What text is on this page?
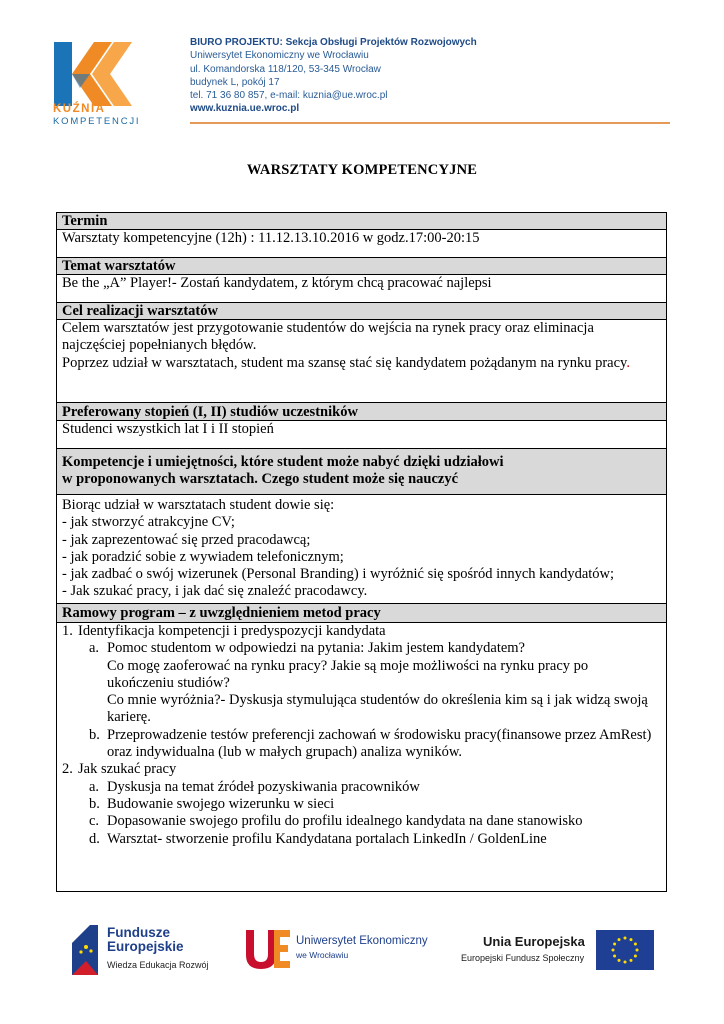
KUŹNIA
KOMPETENCJI
BIURO PROJEKTU: Sekcja Obsługi Projektów Rozwojowych
Uniwersytet Ekonomiczny we Wrocławiu
ul. Komandorska 118/120, 53-345 Wrocław
budynek L, pokój 17
tel. 71 36 80 857, e-mail: kuznia@ue.wroc.pl
www.kuznia.ue.wroc.pl
WARSZTATY KOMPETENCYJNE
Termin
Warsztaty kompetencyjne (12h) : 11.12.13.10.2016 w godz.17:00-20:15
Temat warsztatów
Be the „A” Player!- Zostań kandydatem, z którym chcą pracować najlepsi
Cel realizacji warsztatów
Celem warsztatów jest przygotowanie studentów do wejścia na rynek pracy oraz eliminacja
najczęściej popełnianych błędów.
Poprzez udział w warsztatach, student ma szansę stać się kandydatem pożądanym na rynku pracy.
Preferowany stopień (I, II) studiów uczestników
Studenci wszystkich lat I i II stopień
Kompetencje i umiejętności, które student może nabyć dzięki udziałowi
w proponowanych warsztatach. Czego student może się nauczyć
Biorąc udział w warsztatach student dowie się:
- jak stworzyć atrakcyjne CV;
- jak zaprezentować się przed pracodawcą;
- jak poradzić sobie z wywiadem telefonicznym;
- jak zadbać o swój wizerunek (Personal Branding) i wyróżnić się spośród innych kandydatów;
- Jak szukać pracy, i jak dać się znaleźć pracodawcy.
Ramowy program – z uwzględnieniem metod pracy
1. Identyfikacja kompetencji i predyspozycji kandydata
a. Pomoc studentom w odpowiedzi na pytania: Jakim jestem kandydatem?
Co mogę zaoferować na rynku pracy? Jakie są moje możliwości na rynku pracy po
ukończeniu studiów?
Co mnie wyróżnia?- Dyskusja stymulująca studentów do określenia kim są i jak widzą swoją
karierę.
b. Przeprowadzenie testów preferencji zachowań w środowisku pracy(finansowe przez AmRest)
oraz indywidualna (lub w małych grupach) analiza wyników.
2. Jak szukać pracy
a. Dyskusja na temat źródeł pozyskiwania pracowników
b. Budowanie swojego wizerunku w sieci
c. Dopasowanie swojego profilu do profilu idealnego kandydata na dane stanowisko
d. Warsztat- stworzenie profilu Kandydatana portalach LinkedIn / GoldenLine
Fundusze
Europejskie
Wiedza Edukacja Rozwój
Uniwersytet Ekonomiczny
we Wrocławiu
Unia Europejska
Europejski Fundusz Społeczny
